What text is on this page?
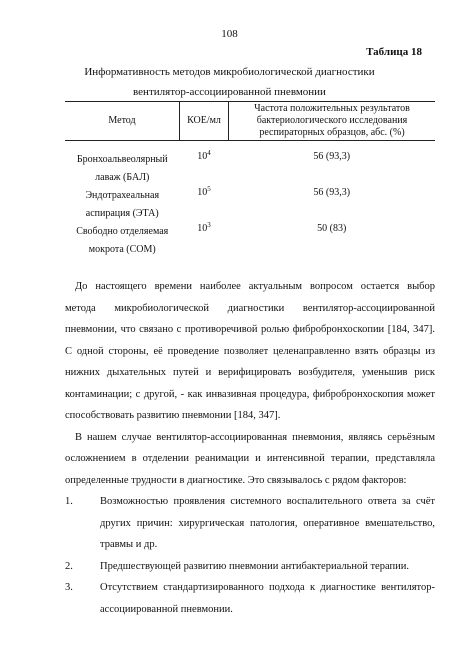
108
Таблица 18
Информативность методов микробиологической диагностики
вентилятор-ассоциированной пневмонии
Метод	КОЕ/мл	Частота положительных результатов
бактериологического исследования
респираторных образцов, абс. (%)

Бронхоальвеолярный
лаваж (БАЛ)	$10^4$	56 (93,3)

Эндотрахеальная
аспирация (ЭТА)	$10^5$	56 (93,3)

Свободно отделяемая
мокрота (СОМ)	$10^3$	50 (83)
До настоящего времени наиболее актуальным вопросом остается выбор
метода микробиологической диагностики вентилятор-ассоциированной

пневмонии, что связано с противоречивой ролью фибробронхоскопии [184, 347]. С одной стороны, её проведение позволяет целенаправленно взять образцы из нижних дыхательных путей и верифицировать возбудителя, уменьшив риск контаминации; с другой, - как инвазивная процедура, фибробронхоскопия может способствовать развитию пневмонии [184, 347].

В нашем случае вентилятор-ассоциированная пневмония, являясь серьёзным осложнением в отделении реанимации и интенсивной терапии, представляла определенные трудности в диагностике. Это связывалось с рядом факторов:

1.	Возможностью проявления системного воспалительного ответа за счёт других причин: хирургическая патология, оперативное вмешательство, травмы и др.
2.	Предшествующей развитию пневмонии антибактериальной терапии.
3.	Отсутствием стандартизированного подхода к диагностике вентилятор-ассоциированной пневмонии.
